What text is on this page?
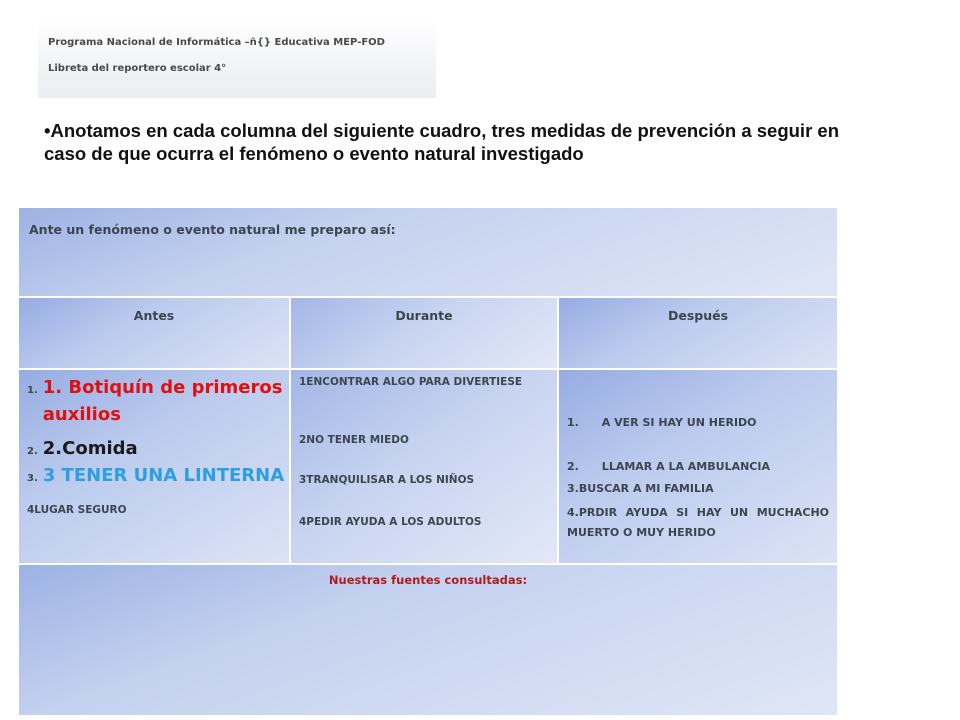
Programa Nacional de Informática –ñ{} Educativa MEP-FOD
Libreta del reportero escolar 4°
•Anotamos en cada columna del siguiente cuadro, tres medidas de prevención a seguir en caso de que ocurra el fenómeno o evento natural investigado
Ante un fenómeno o evento natural me preparo así:
Antes	Durante	Después
1. 1. Botiquín de primeros auxilios
2. 2.Comida
3. 3 TENER UNA LINTERNA
4LUGAR SEGURO
1ENCONTRAR ALGO PARA DIVERTIESE
2NO TENER MIEDO
3TRANQUILISAR A LOS NIÑOS
4PEDIR AYUDA A LOS ADULTOS
1.      A VER SI HAY UN HERIDO
2.      LLAMAR A LA AMBULANCIA
3.BUSCAR A MI FAMILIA
4.PRDIR AYUDA SI HAY UN MUCHACHO MUERTO O MUY HERIDO
Nuestras fuentes consultadas:
